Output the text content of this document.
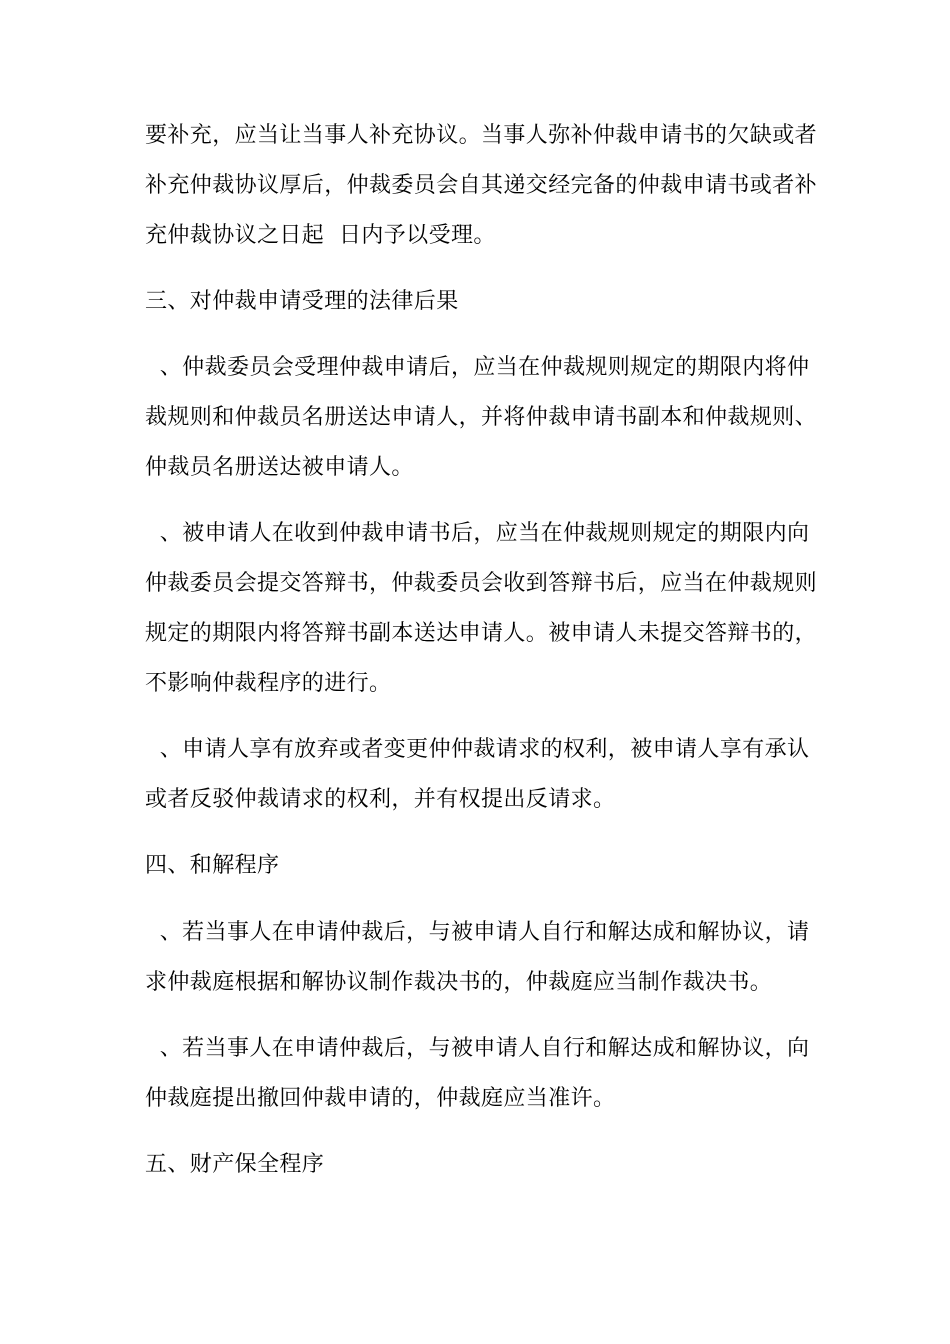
要补充，应当让当事人补充协议。当事人弥补仲裁申请书的欠缺或者
补充仲裁协议厚后，仲裁委员会自其递交经完备的仲裁申请书或者补
充仲裁协议之日起  日内予以受理。
三、对仲裁申请受理的法律后果
、仲裁委员会受理仲裁申请后，应当在仲裁规则规定的期限内将仲
裁规则和仲裁员名册送达申请人，并将仲裁申请书副本和仲裁规则、
仲裁员名册送达被申请人。
、被申请人在收到仲裁申请书后，应当在仲裁规则规定的期限内向
仲裁委员会提交答辩书，仲裁委员会收到答辩书后，应当在仲裁规则
规定的期限内将答辩书副本送达申请人。被申请人未提交答辩书的，
不影响仲裁程序的进行。
、申请人享有放弃或者变更仲仲裁请求的权利，被申请人享有承认
或者反驳仲裁请求的权利，并有权提出反请求。
四、和解程序
、若当事人在申请仲裁后，与被申请人自行和解达成和解协议，请
求仲裁庭根据和解协议制作裁决书的，仲裁庭应当制作裁决书。
、若当事人在申请仲裁后，与被申请人自行和解达成和解协议，向
仲裁庭提出撤回仲裁申请的，仲裁庭应当准许。
五、财产保全程序
